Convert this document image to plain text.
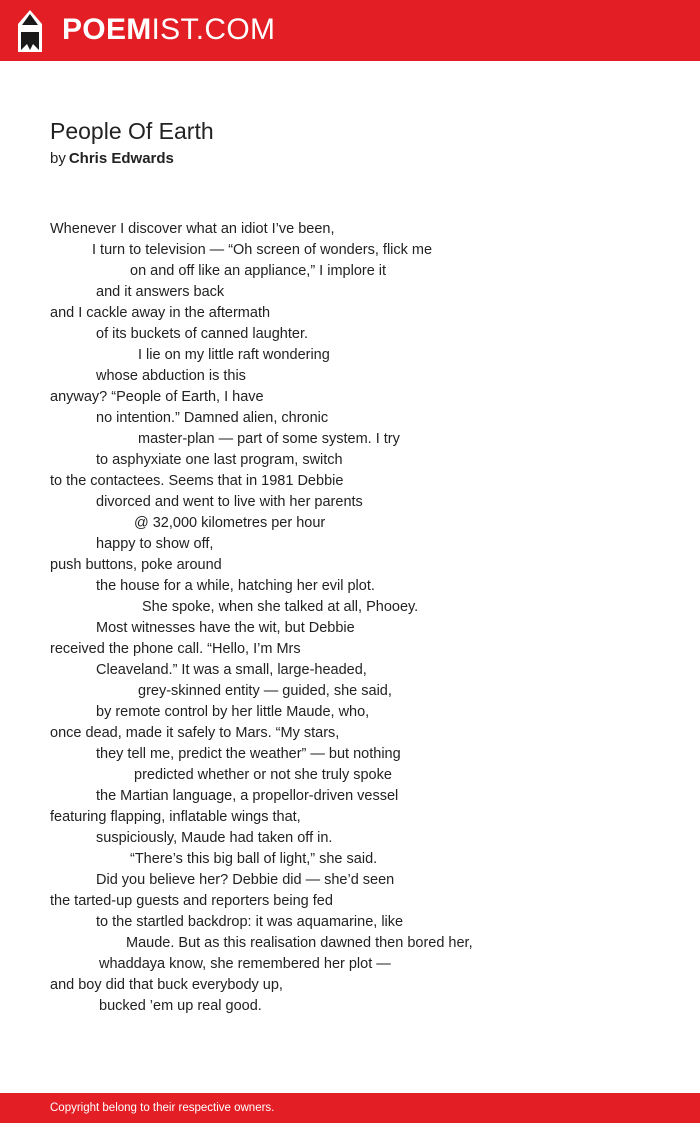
POEMIST.COM
People Of Earth
by Chris Edwards
Whenever I discover what an idiot I’ve been,
I turn to television — “Oh screen of wonders, flick me
on and off like an appliance,” I implore it
and it answers back
and I cackle away in the aftermath
of its buckets of canned laughter.
I lie on my little raft wondering
whose abduction is this
anyway? “People of Earth, I have
no intention.” Damned alien, chronic
master-plan — part of some system. I try
to asphyxiate one last program, switch
to the contactees. Seems that in 1981 Debbie
divorced and went to live with her parents
@ 32,000 kilometres per hour
happy to show off,
push buttons, poke around
the house for a while, hatching her evil plot.
She spoke, when she talked at all, Phooey.
Most witnesses have the wit, but Debbie
received the phone call. “Hello, I’m Mrs
Cleaveland.” It was a small, large-headed,
grey-skinned entity — guided, she said,
by remote control by her little Maude, who,
once dead, made it safely to Mars. “My stars,
they tell me, predict the weather” — but nothing
predicted whether or not she truly spoke
the Martian language, a propellor-driven vessel
featuring flapping, inflatable wings that,
suspiciously, Maude had taken off in.
“There’s this big ball of light,” she said.
Did you believe her? Debbie did — she’d seen
the tarted-up guests and reporters being fed
to the startled backdrop: it was aquamarine, like
Maude. But as this realisation dawned then bored her,
whaddaya know, she remembered her plot —
and boy did that buck everybody up,
bucked ’em up real good.
Copyright belong to their respective owners.
